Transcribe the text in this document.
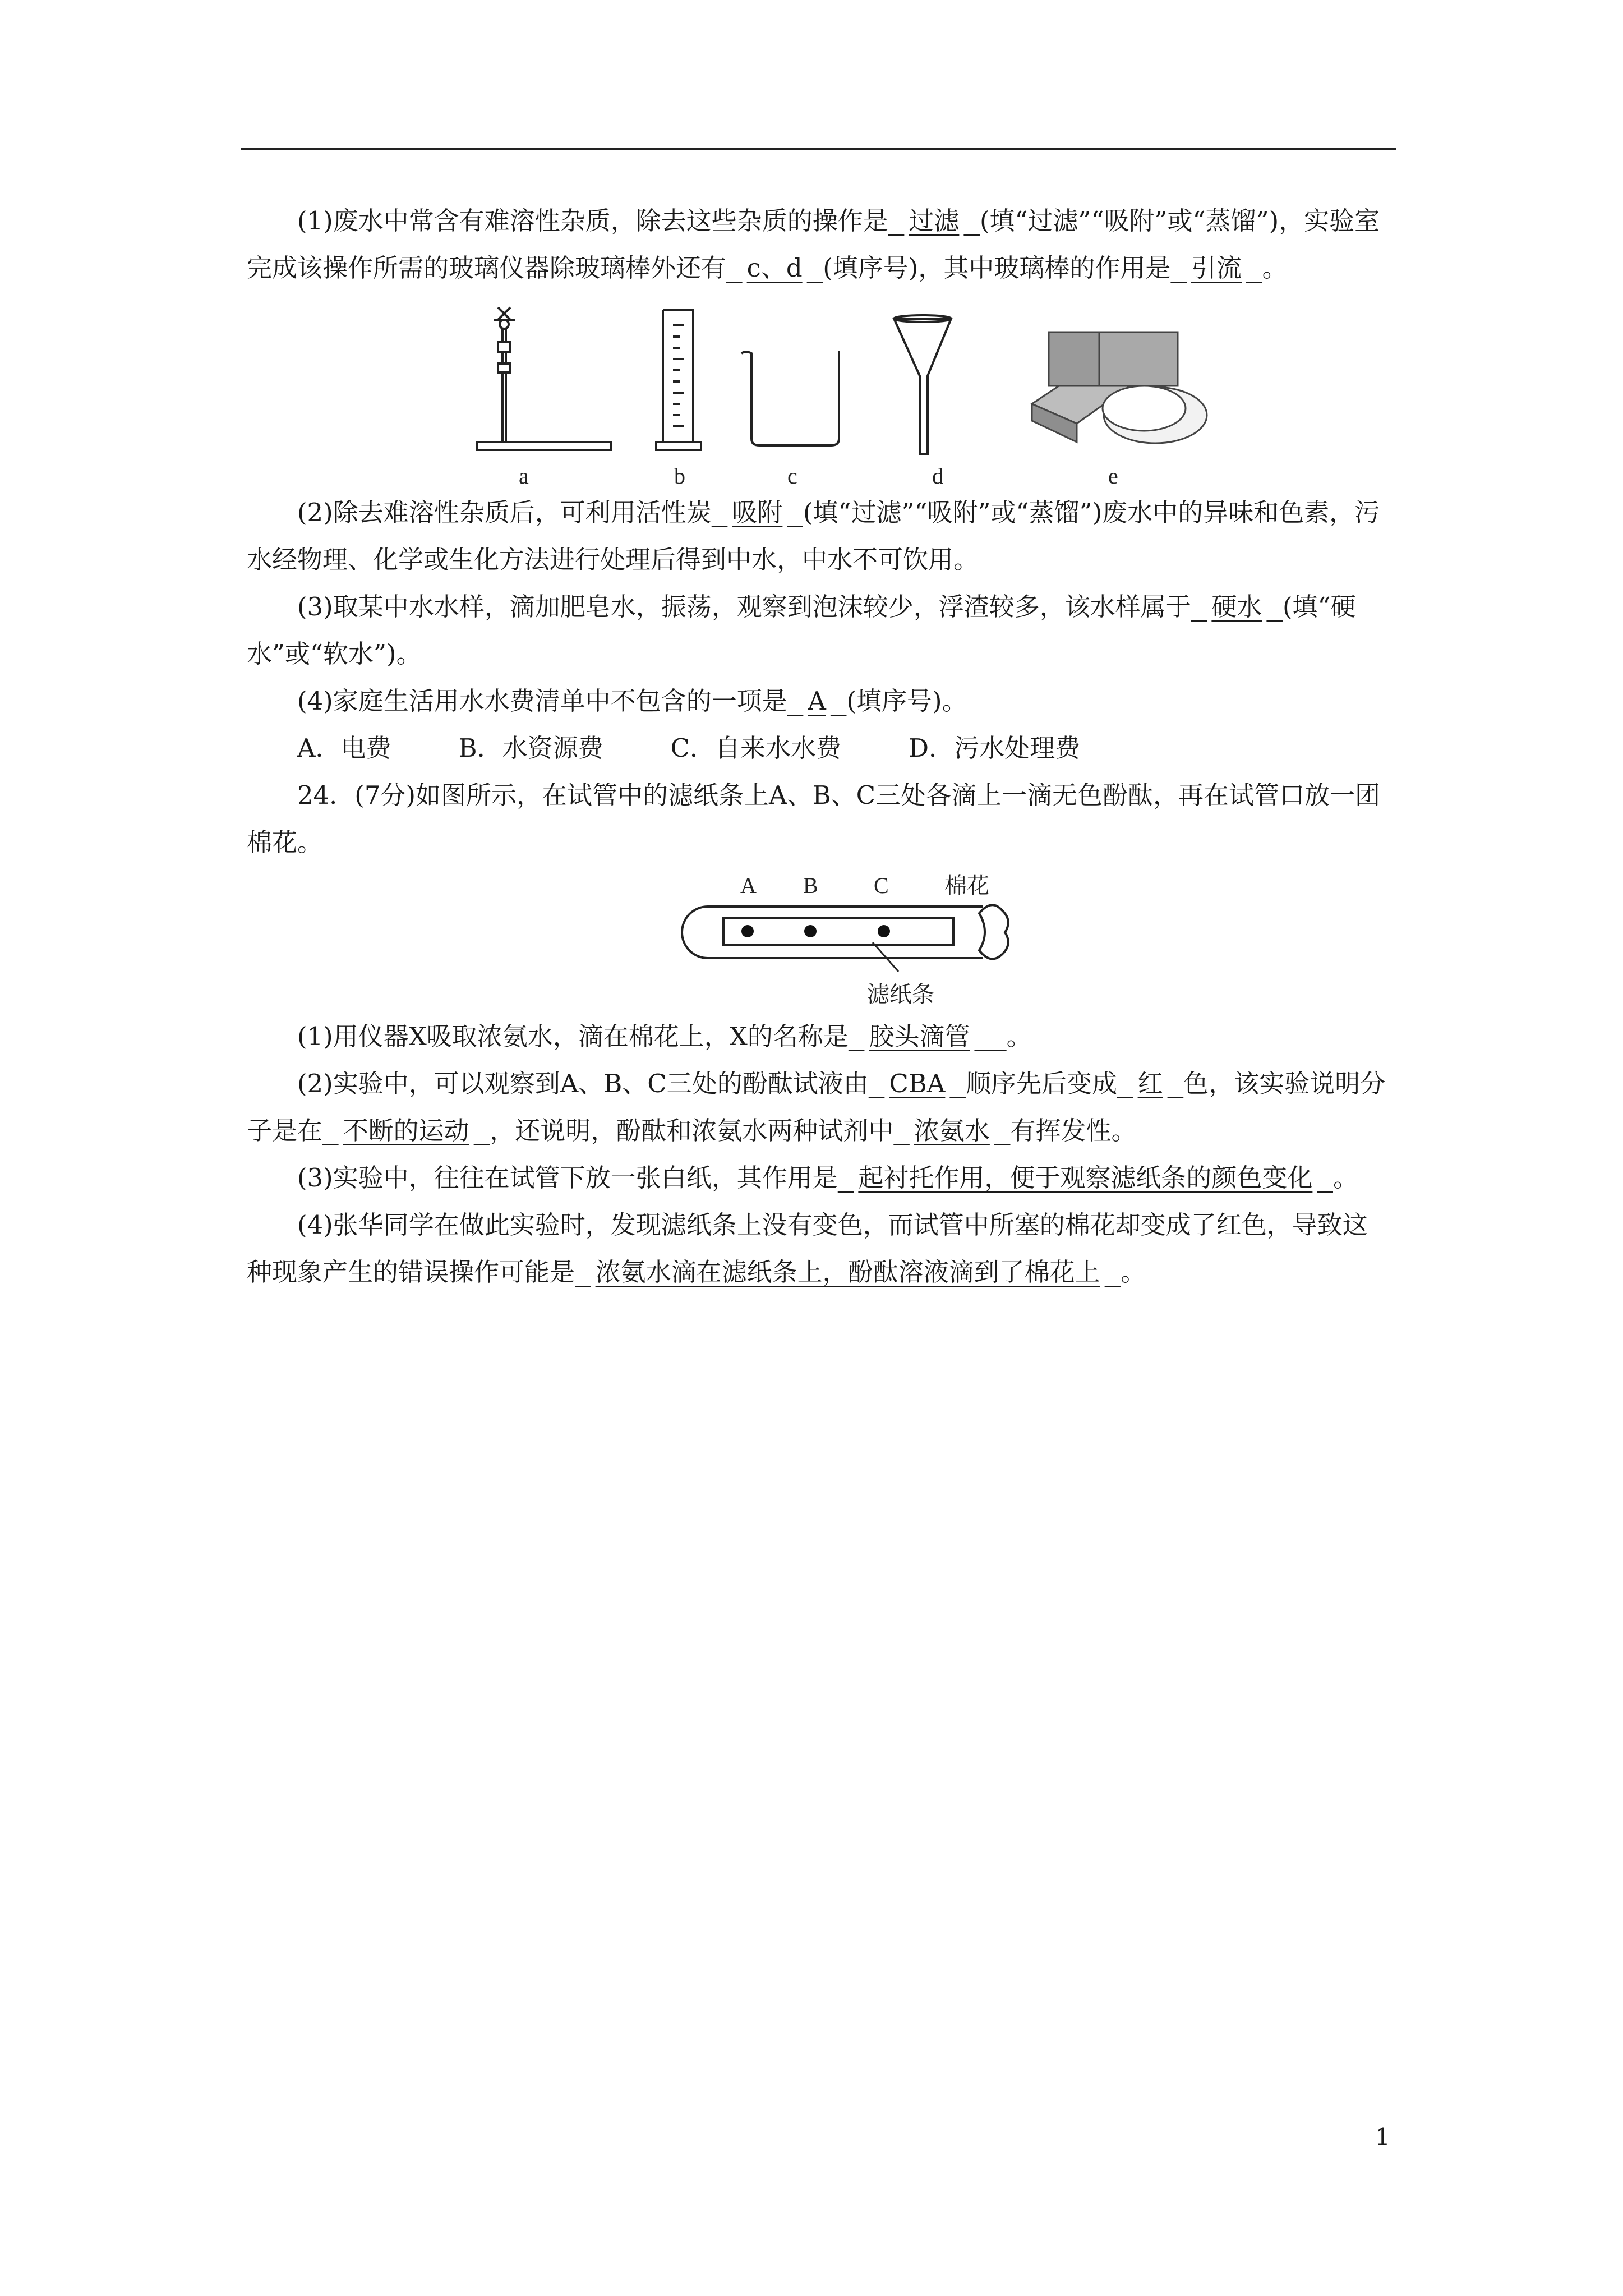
(1)废水中常含有难溶性杂质，除去这些杂质的操作是 过滤 (填“过滤”“吸附”或“蒸馏”)，实验室完成该操作所需的玻璃仪器除玻璃棒外还有 c、d (填序号)，其中玻璃棒的作用是 引流 。

a	b	c	d	e

(2)除去难溶性杂质后，可利用活性炭 吸附 (填“过滤”“吸附”或“蒸馏”)废水中的异味和色素，污水经物理、化学或生化方法进行处理后得到中水，中水不可饮用。

(3)取某中水水样，滴加肥皂水，振荡，观察到泡沫较少，浮渣较多，该水样属于 硬水 (填“硬水”或“软水”)。

(4)家庭生活用水水费清单中不包含的一项是 A (填序号)。

A．电费	B．水资源费	C．自来水水费	D．污水处理费

24．(7分)如图所示，在试管中的滤纸条上A、B、C三处各滴上一滴无色酚酞，再在试管口放一团棉花。

A B C 棉花
滤纸条

(1)用仪器X吸取浓氨水，滴在棉花上，X的名称是 胶头滴管 。

(2)实验中，可以观察到A、B、C三处的酚酞试液由 CBA 顺序先后变成 红 色，该实验说明分子是在 不断的运动 ，还说明，酚酞和浓氨水两种试剂中 浓氨水 有挥发性。

(3)实验中，往往在试管下放一张白纸，其作用是 起衬托作用，便于观察滤纸条的颜色变化 。

(4)张华同学在做此实验时，发现滤纸条上没有变色，而试管中所塞的棉花却变成了红色，导致这种现象产生的错误操作可能是 浓氨水滴在滤纸条上，酚酞溶液滴到了棉花上 。

1
